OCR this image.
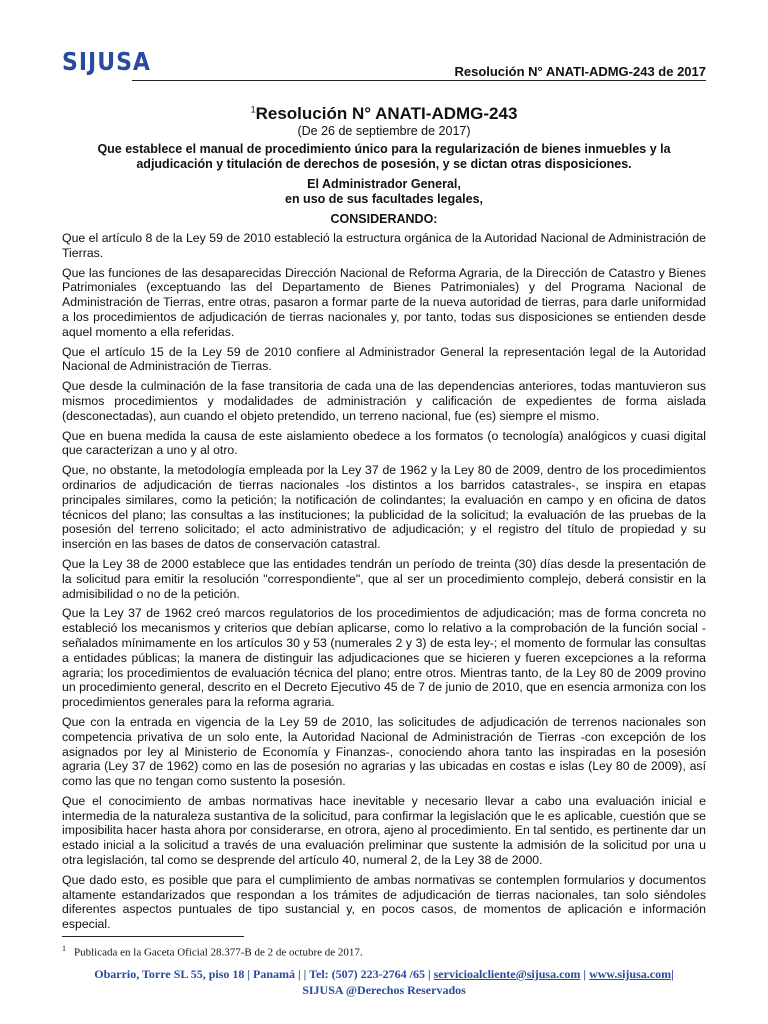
SIJUSA	Resolución N° ANATI-ADMG-243 de 2017
$^1$Resolución N° ANATI-ADMG-243
(De 26 de septiembre de 2017)
Que establece el manual de procedimiento único para la regularización de bienes inmuebles y la adjudicación y titulación de derechos de posesión, y se dictan otras disposiciones.
El Administrador General,
en uso de sus facultades legales,
CONSIDERANDO:

Que el artículo 8 de la Ley 59 de 2010 estableció la estructura orgánica de la Autoridad Nacional de Administración de Tierras.

Que las funciones de las desaparecidas Dirección Nacional de Reforma Agraria, de la Dirección de Catastro y Bienes Patrimoniales (exceptuando las del Departamento de Bienes Patrimoniales) y del Programa Nacional de Administración de Tierras, entre otras, pasaron a formar parte de la nueva autoridad de tierras, para darle uniformidad a los procedimientos de adjudicación de tierras nacionales y, por tanto, todas sus disposiciones se entienden desde aquel momento a ella referidas.

Que el artículo 15 de la Ley 59 de 2010 confiere al Administrador General la representación legal de la Autoridad Nacional de Administración de Tierras.

Que desde la culminación de la fase transitoria de cada una de las dependencias anteriores, todas mantuvieron sus mismos procedimientos y modalidades de administración y calificación de expedientes de forma aislada (desconectadas), aun cuando el objeto pretendido, un terreno nacional, fue (es) siempre el mismo.

Que en buena medida la causa de este aislamiento obedece a los formatos (o tecnología) analógicos y cuasi digital que caracterizan a uno y al otro.

Que, no obstante, la metodología empleada por la Ley 37 de 1962 y la Ley 80 de 2009, dentro de los procedimientos ordinarios de adjudicación de tierras nacionales -los distintos a los barridos catastrales-, se inspira en etapas principales similares, como la petición; la notificación de colindantes; la evaluación en campo y en oficina de datos técnicos del plano; las consultas a las instituciones; la publicidad de la solicitud; la evaluación de las pruebas de la posesión del terreno solicitado; el acto administrativo de adjudicación; y el registro del título de propiedad y su inserción en las bases de datos de conservación catastral.

Que la Ley 38 de 2000 establece que las entidades tendrán un período de treinta (30) días desde la presentación de la solicitud para emitir la resolución "correspondiente", que al ser un procedimiento complejo, deberá consistir en la admisibilidad o no de la petición.

Que la Ley 37 de 1962 creó marcos regulatorios de los procedimientos de adjudicación; mas de forma concreta no estableció los mecanismos y criterios que debían aplicarse, como lo relativo a la comprobación de la función social -señalados mínimamente en los artículos 30 y 53 (numerales 2 y 3) de esta ley-; el momento de formular las consultas a entidades públicas; la manera de distinguir las adjudicaciones que se hicieren y fueren excepciones a la reforma agraria; los procedimientos de evaluación técnica del plano; entre otros. Mientras tanto, de la Ley 80 de 2009 provino un procedimiento general, descrito en el Decreto Ejecutivo 45 de 7 de junio de 2010, que en esencia armoniza con los procedimientos generales para la reforma agraria.

Que con la entrada en vigencia de la Ley 59 de 2010, las solicitudes de adjudicación de terrenos nacionales son competencia privativa de un solo ente, la Autoridad Nacional de Administración de Tierras -con excepción de los asignados por ley al Ministerio de Economía y Finanzas-, conociendo ahora tanto las inspiradas en la posesión agraria (Ley 37 de 1962) como en las de posesión no agrarias y las ubicadas en costas e islas (Ley 80 de 2009), así como las que no tengan como sustento la posesión.

Que el conocimiento de ambas normativas hace inevitable y necesario llevar a cabo una evaluación inicial e intermedia de la naturaleza sustantiva de la solicitud, para confirmar la legislación que le es aplicable, cuestión que se imposibilita hacer hasta ahora por considerarse, en otrora, ajeno al procedimiento. En tal sentido, es pertinente dar un estado inicial a la solicitud a través de una evaluación preliminar que sustente la admisión de la solicitud por una u otra legislación, tal como se desprende del artículo 40, numeral 2, de la Ley 38 de 2000.

Que dado esto, es posible que para el cumplimiento de ambas normativas se contemplen formularios y documentos altamente estandarizados que respondan a los trámites de adjudicación de tierras nacionales, tan solo siéndoles diferentes aspectos puntuales de tipo sustancial y, en pocos casos, de momentos de aplicación e información especial.

$^1$ Publicada en la Gaceta Oficial 28.377-B de 2 de octubre de 2017.
Obarrio, Torre SL 55, piso 18 | Panamá | | Tel: (507) 223-2764 /65 | servicioalcliente@sijusa.com | www.sijusa.com|
SIJUSA @Derechos Reservados
